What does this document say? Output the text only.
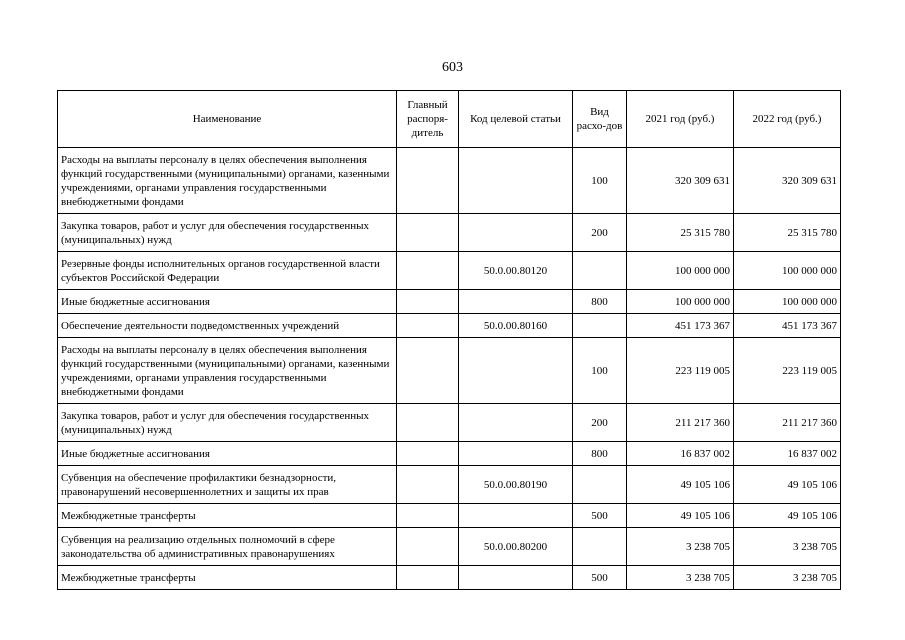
603
Наименование	Главный распоря-дитель	Код целевой статьи	Вид расхо-дов	2021 год (руб.)	2022 год (руб.)
Расходы на выплаты персоналу в целях обеспечения выполнения функций государственными (муниципальными) органами, казенными учреждениями, органами управления государственными внебюджетными фондами			100	320 309 631	320 309 631
Закупка товаров, работ и услуг для обеспечения государственных (муниципальных) нужд			200	25 315 780	25 315 780
Резервные фонды исполнительных органов государственной власти субъектов Российской Федерации		50.0.00.80120		100 000 000	100 000 000
Иные бюджетные ассигнования			800	100 000 000	100 000 000
Обеспечение деятельности подведомственных учреждений		50.0.00.80160		451 173 367	451 173 367
Расходы на выплаты персоналу в целях обеспечения выполнения функций государственными (муниципальными) органами, казенными учреждениями, органами управления государственными внебюджетными фондами			100	223 119 005	223 119 005
Закупка товаров, работ и услуг для обеспечения государственных (муниципальных) нужд			200	211 217 360	211 217 360
Иные бюджетные ассигнования			800	16 837 002	16 837 002
Субвенция на обеспечение профилактики безнадзорности, правонарушений несовершеннолетних и защиты их прав		50.0.00.80190		49 105 106	49 105 106
Межбюджетные трансферты			500	49 105 106	49 105 106
Субвенция на реализацию отдельных полномочий в сфере законодательства об административных правонарушениях		50.0.00.80200		3 238 705	3 238 705
Межбюджетные трансферты			500	3 238 705	3 238 705
